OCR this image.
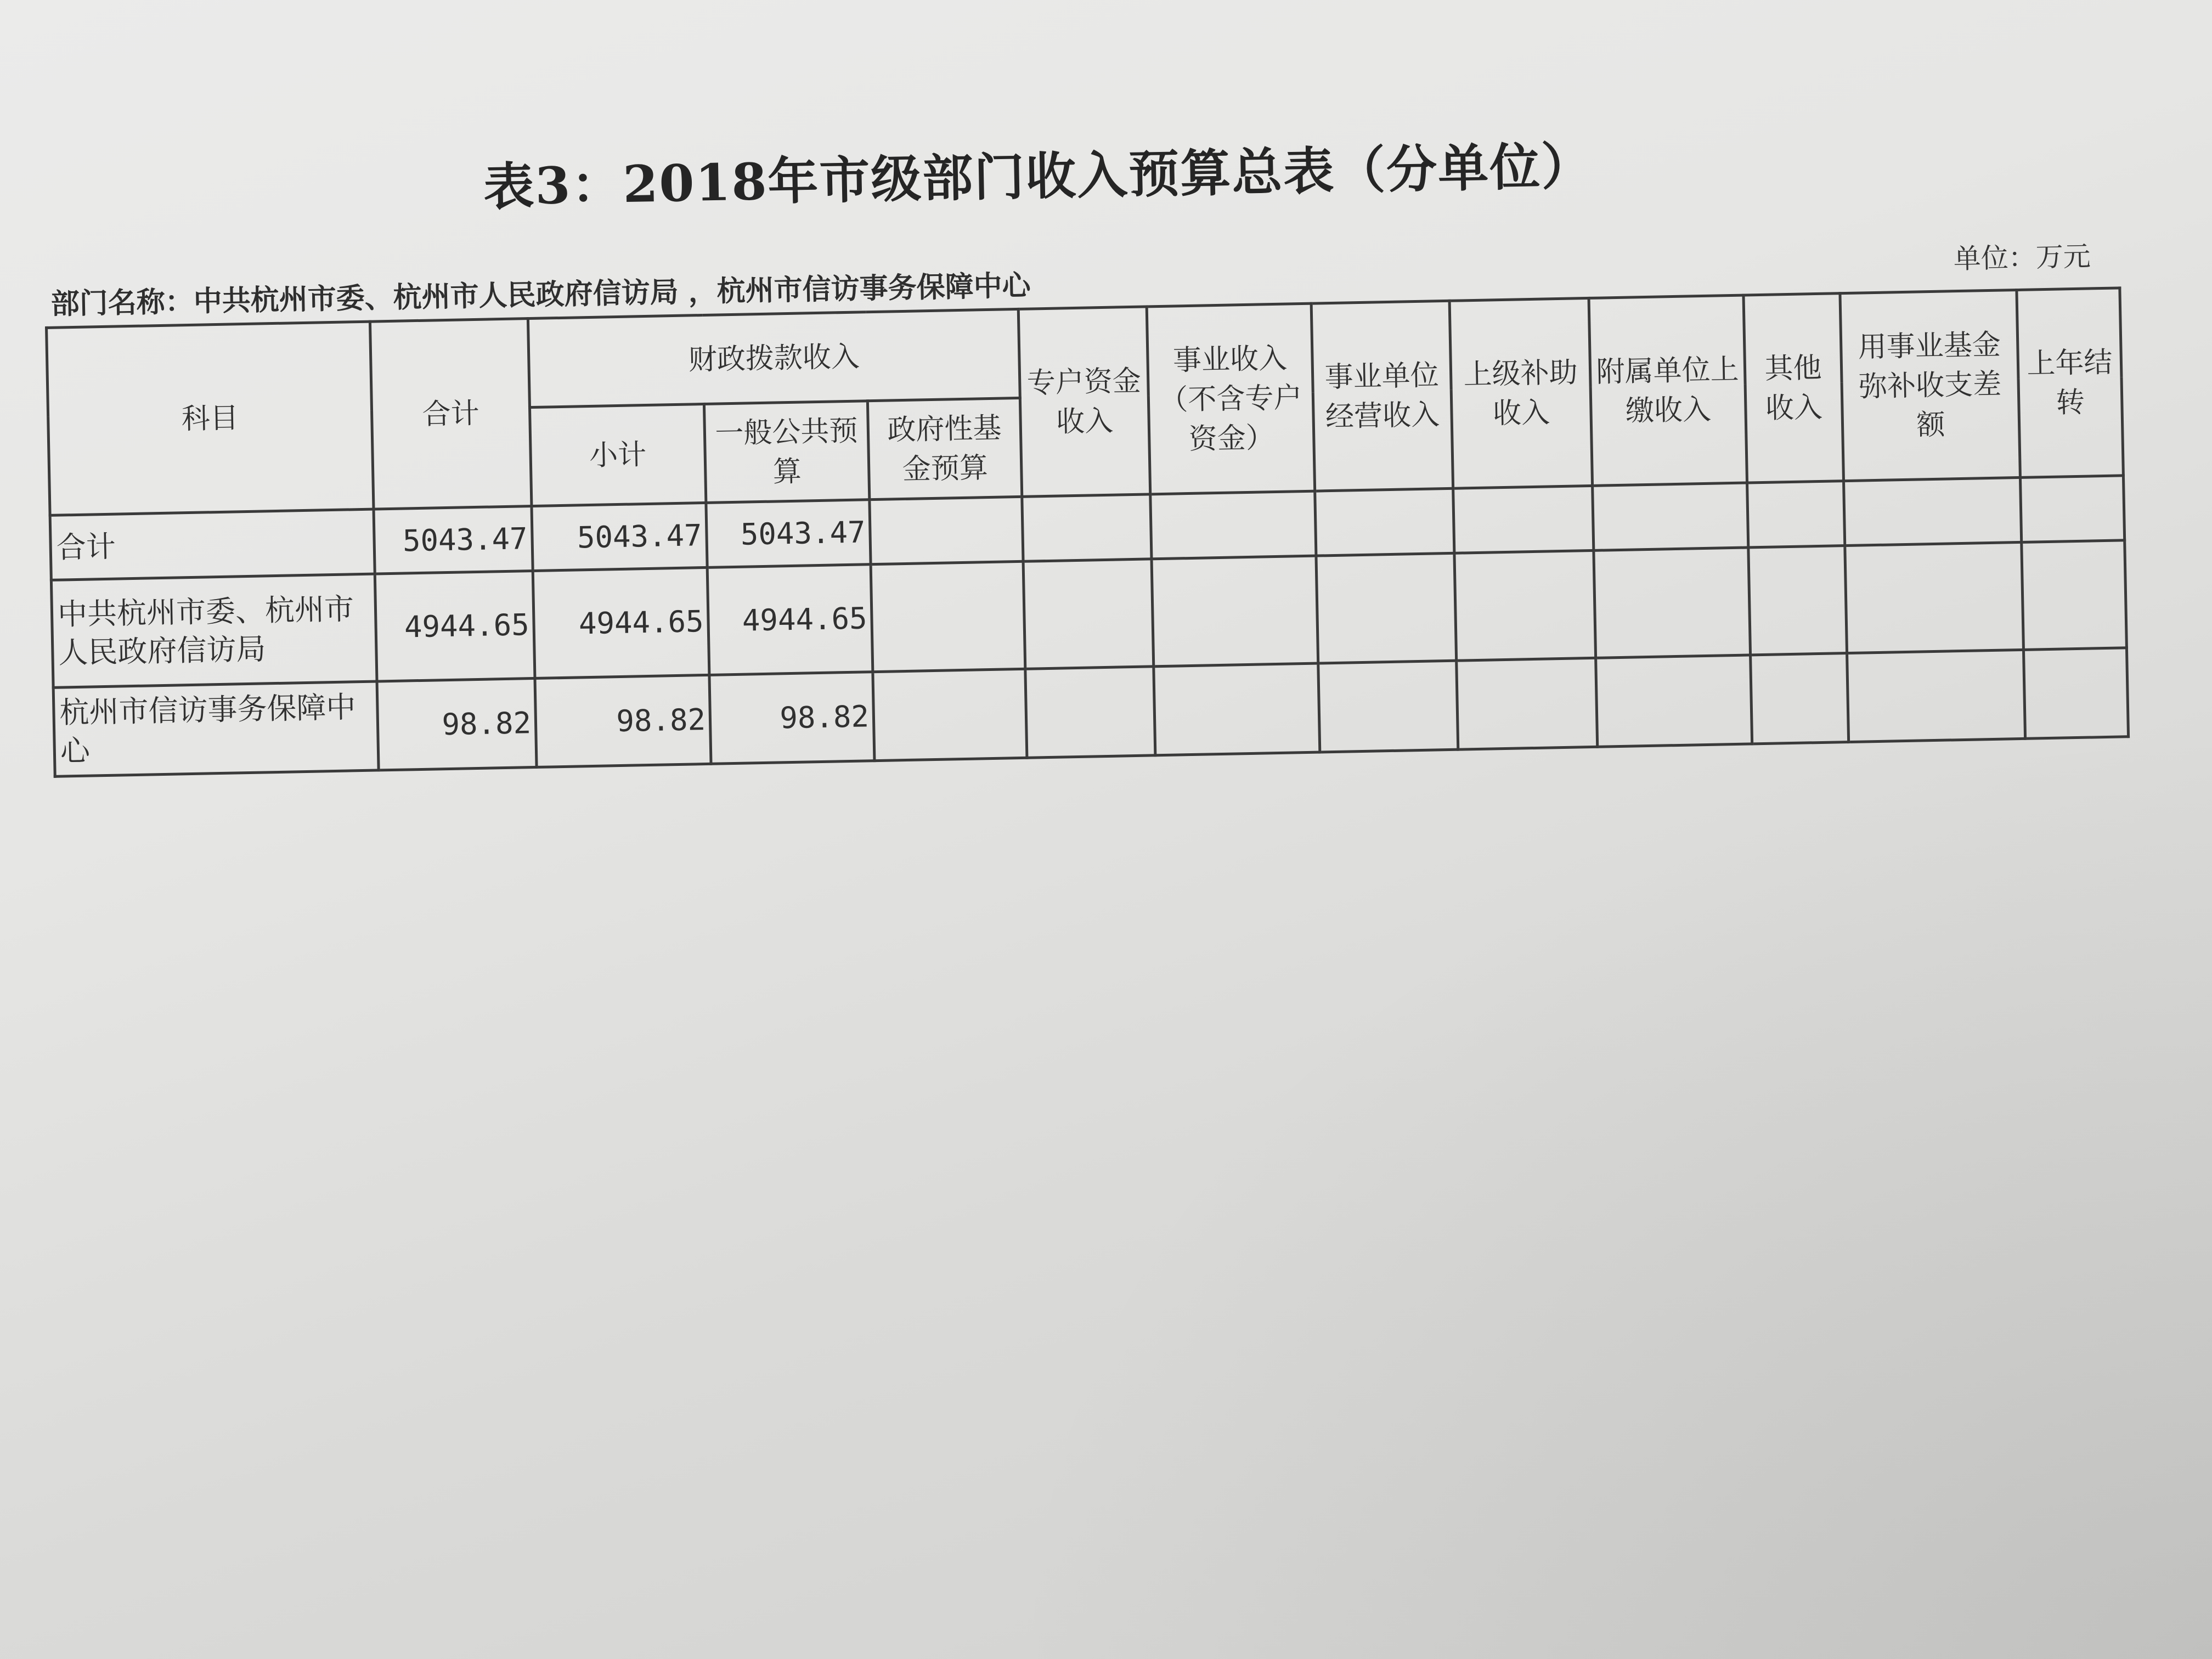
表3：2018年市级部门收入预算总表（分单位）
单位：万元
部门名称：中共杭州市委、杭州市人民政府信访局 ，杭州市信访事务保障中心
科目	合计	财政拨款收入			专户资金收入	事业收入（不含专户资金）	事业单位经营收入	上级补助收入	附属单位上缴收入	其他收入	用事业基金弥补收支差额	上年结转
		小计	一般公共预算	政府性基金预算								
合计	5043.47	5043.47	5043.47									
中共杭州市委、杭州市人民政府信访局	4944.65	4944.65	4944.65									
杭州市信访事务保障中心	98.82	98.82	98.82									
